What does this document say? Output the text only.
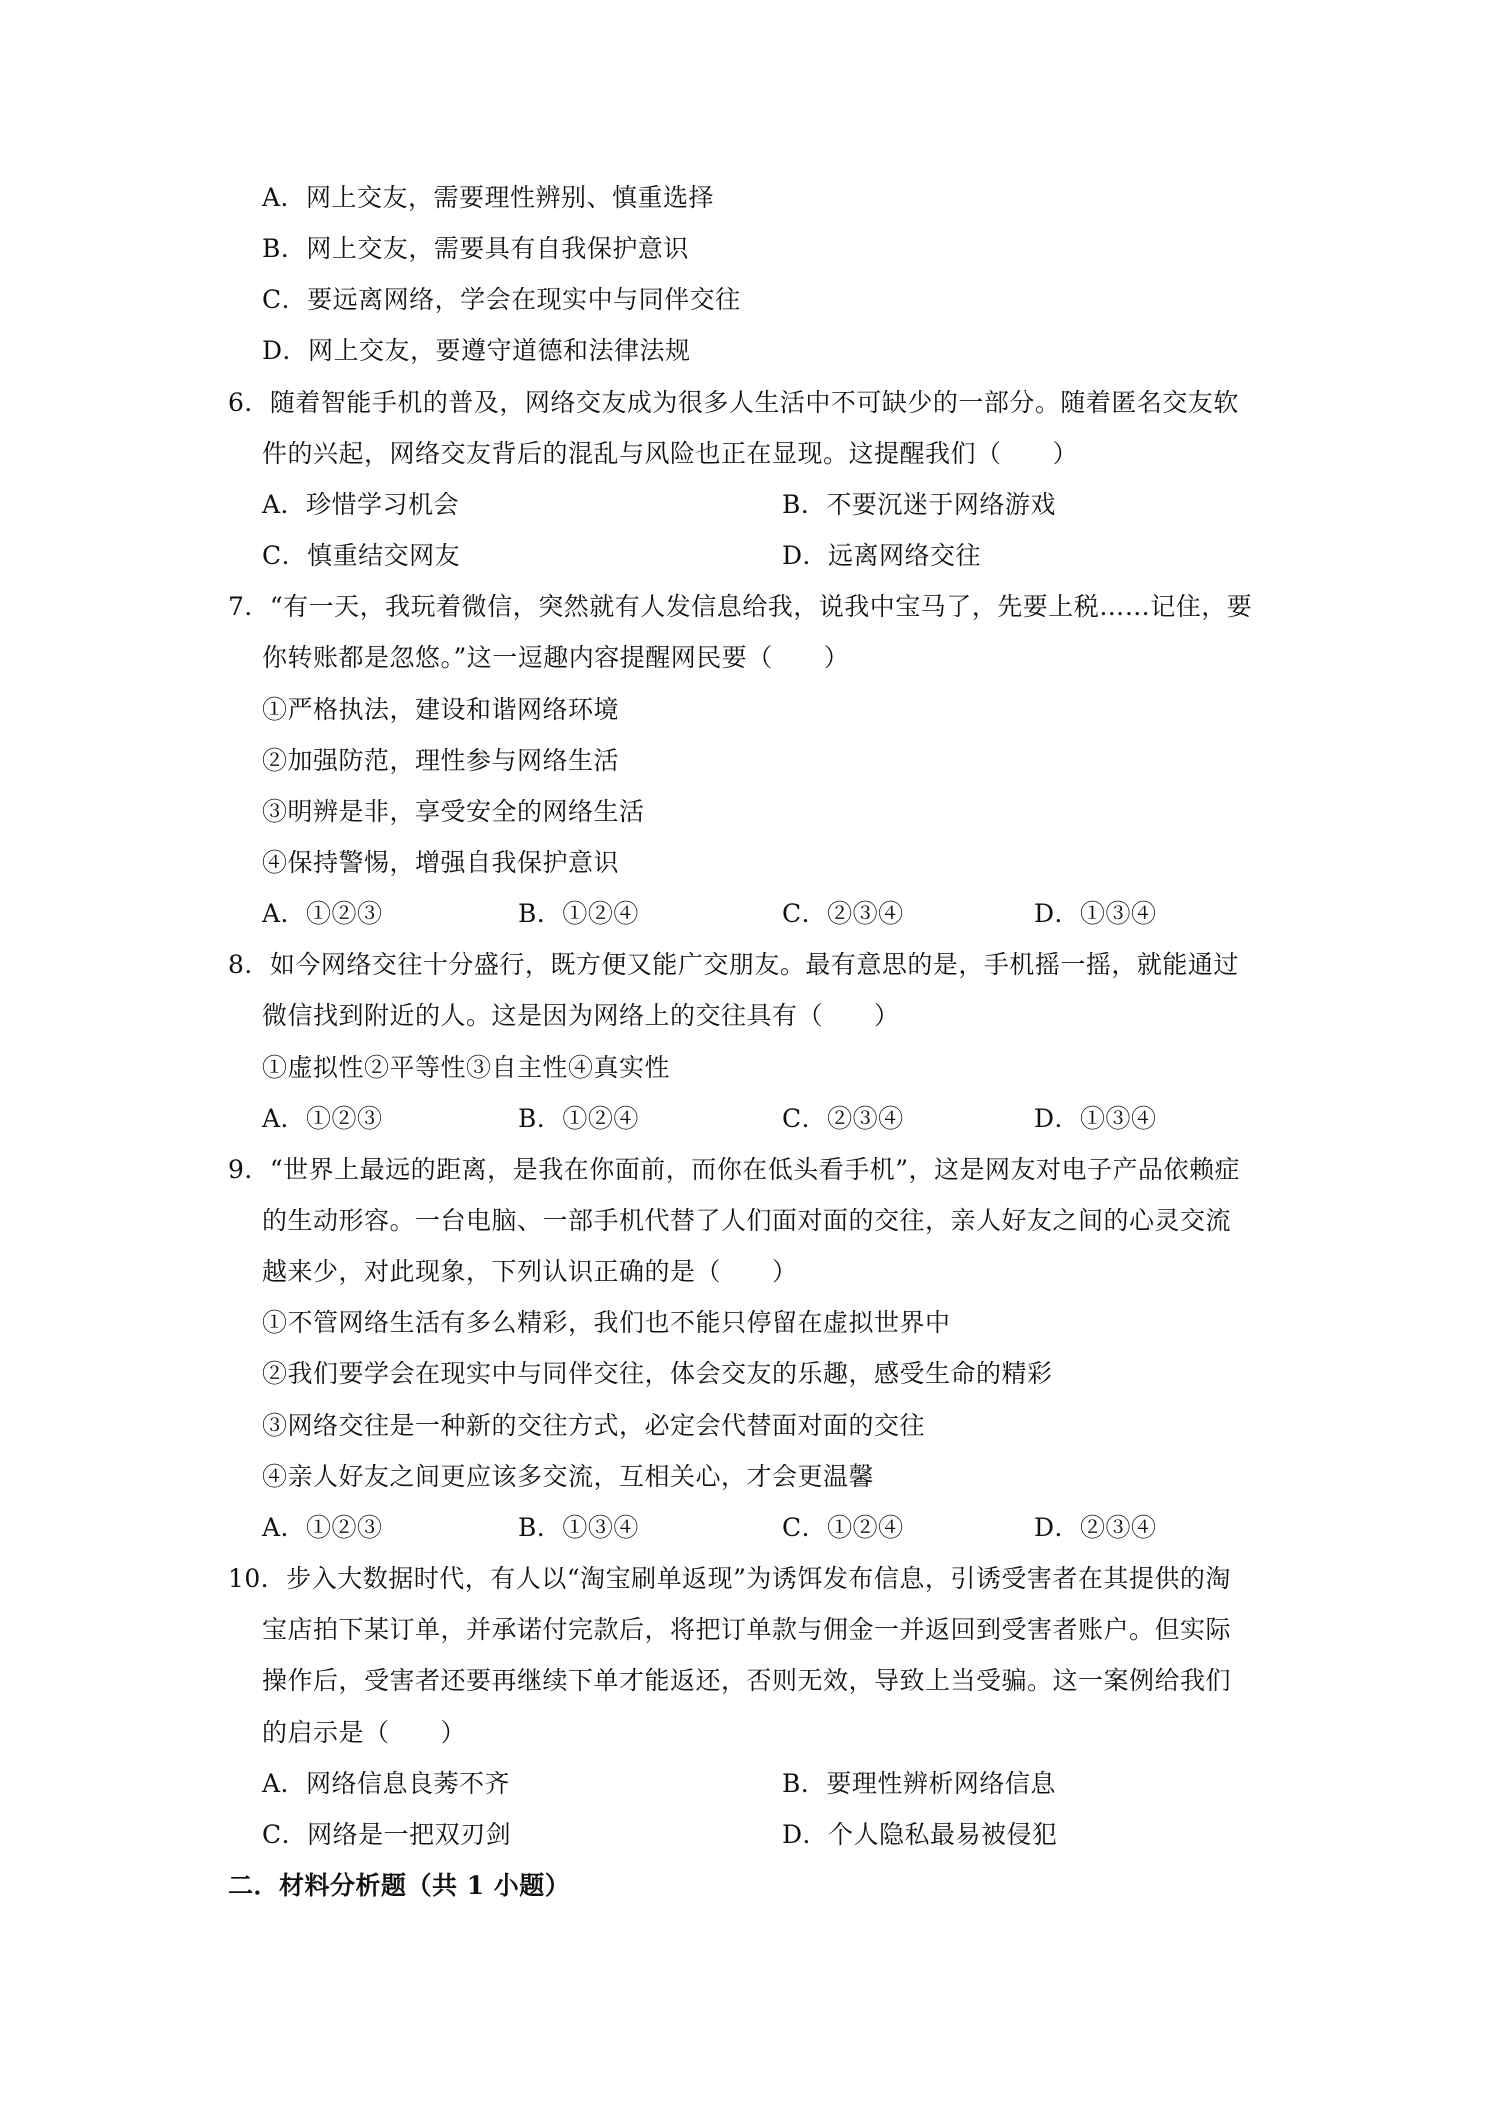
A．网上交友，需要理性辨别、慎重选择
B．网上交友，需要具有自我保护意识
C．要远离网络，学会在现实中与同伴交往
D．网上交友，要遵守道德和法律法规
6．随着智能手机的普及，网络交友成为很多人生活中不可缺少的一部分。随着匿名交友软
件的兴起，网络交友背后的混乱与风险也正在显现。这提醒我们（　　）
A．珍惜学习机会	B．不要沉迷于网络游戏
C．慎重结交网友	D．远离网络交往
7．“有一天，我玩着微信，突然就有人发信息给我，说我中宝马了，先要上税……记住，要
你转账都是忽悠。”这一逗趣内容提醒网民要（　　）
①严格执法，建设和谐网络环境
②加强防范，理性参与网络生活
③明辨是非，享受安全的网络生活
④保持警惕，增强自我保护意识
A．①②③	B．①②④	C．②③④	D．①③④
8．如今网络交往十分盛行，既方便又能广交朋友。最有意思的是，手机摇一摇，就能通过
微信找到附近的人。这是因为网络上的交往具有（　　）
①虚拟性②平等性③自主性④真实性
A．①②③	B．①②④	C．②③④	D．①③④
9．“世界上最远的距离，是我在你面前，而你在低头看手机”，这是网友对电子产品依赖症
的生动形容。一台电脑、一部手机代替了人们面对面的交往，亲人好友之间的心灵交流
越来少，对此现象，下列认识正确的是（　　）
①不管网络生活有多么精彩，我们也不能只停留在虚拟世界中
②我们要学会在现实中与同伴交往，体会交友的乐趣，感受生命的精彩
③网络交往是一种新的交往方式，必定会代替面对面的交往
④亲人好友之间更应该多交流，互相关心，才会更温馨
A．①②③	B．①③④	C．①②④	D．②③④
10．步入大数据时代，有人以“淘宝刷单返现”为诱饵发布信息，引诱受害者在其提供的淘
宝店拍下某订单，并承诺付完款后，将把订单款与佣金一并返回到受害者账户。但实际
操作后，受害者还要再继续下单才能返还，否则无效，导致上当受骗。这一案例给我们
的启示是（　　）
A．网络信息良莠不齐	B．要理性辨析网络信息
C．网络是一把双刃剑	D．个人隐私最易被侵犯
二．材料分析题（共 1 小题）
